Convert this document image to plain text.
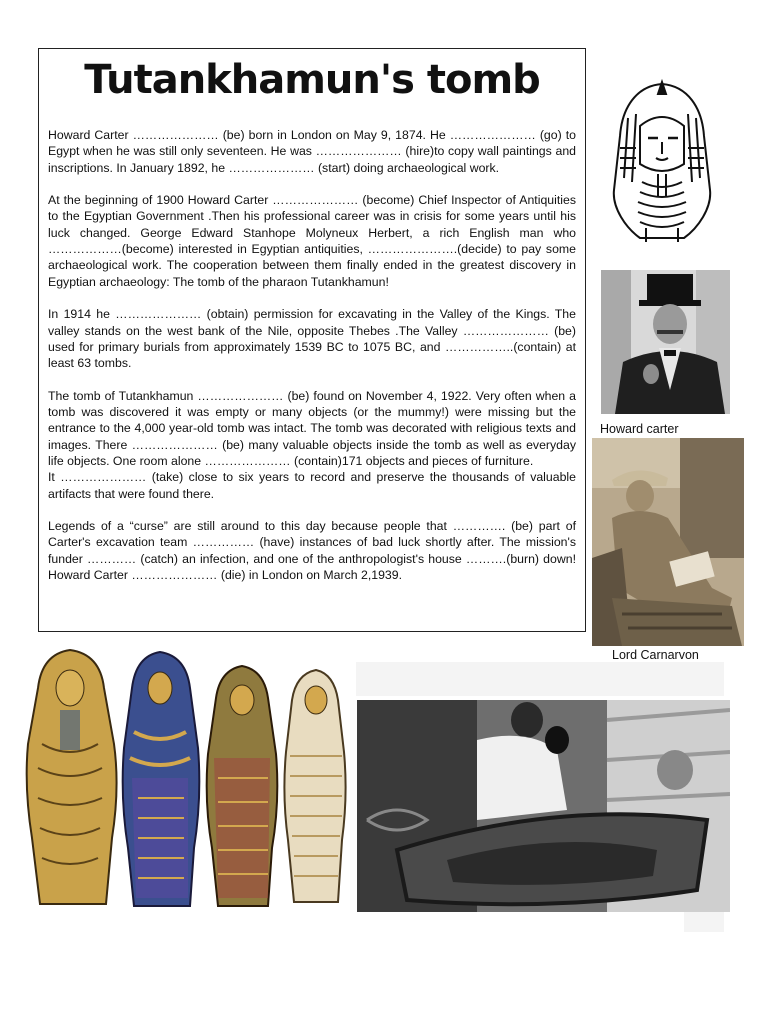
Tutankhamun's tomb

Howard Carter ………………… (be) born in London on May 9, 1874. He ………………… (go) to Egypt when he was still only seventeen. He was ………………… (hire)to copy wall paintings and inscriptions. In January 1892, he ………………… (start) doing archaeological work.

At the beginning of 1900 Howard Carter ………………… (become) Chief Inspector of Antiquities to the Egyptian Government .Then his professional career was in crisis for some years until his luck changed. George Edward Stanhope Molyneux Herbert, a rich English man who ………………(become) interested in Egyptian antiquities, ………………….(decide) to pay some archaeological work. The cooperation between them finally ended in the greatest discovery in Egyptian archaeology: The tomb of the pharaon Tutankhamun!

In 1914 he ………………… (obtain) permission for excavating in the Valley of the Kings. The valley stands on the west bank of the Nile, opposite Thebes .The Valley ………………… (be) used for primary burials from approximately 1539 BC to 1075 BC, and ……………..(contain) at least 63 tombs.

The tomb of Tutankhamun ………………… (be) found on November 4, 1922. Very often when a tomb was discovered it was empty or many objects (or the mummy!) were missing but the entrance to the 4,000 year-old tomb was intact. The tomb was decorated with religious texts and images. There ………………… (be) many valuable objects inside the tomb as well as everyday life objects. One room alone ………………… (contain)171 objects and pieces of furniture.

It ………………… (take) close to six years to record and preserve the thousands of valuable artifacts that were found there.

Legends of a “curse” are still around to this day because people that …………. (be) part of Carter's excavation team …………… (have) instances of bad luck shortly after. The mission's funder ………… (catch) an infection, and one of the anthropologist's house ……….(burn) down! Howard Carter ………………… (die) in London on March 2,1939.

Howard carter
Lord Carnarvon
